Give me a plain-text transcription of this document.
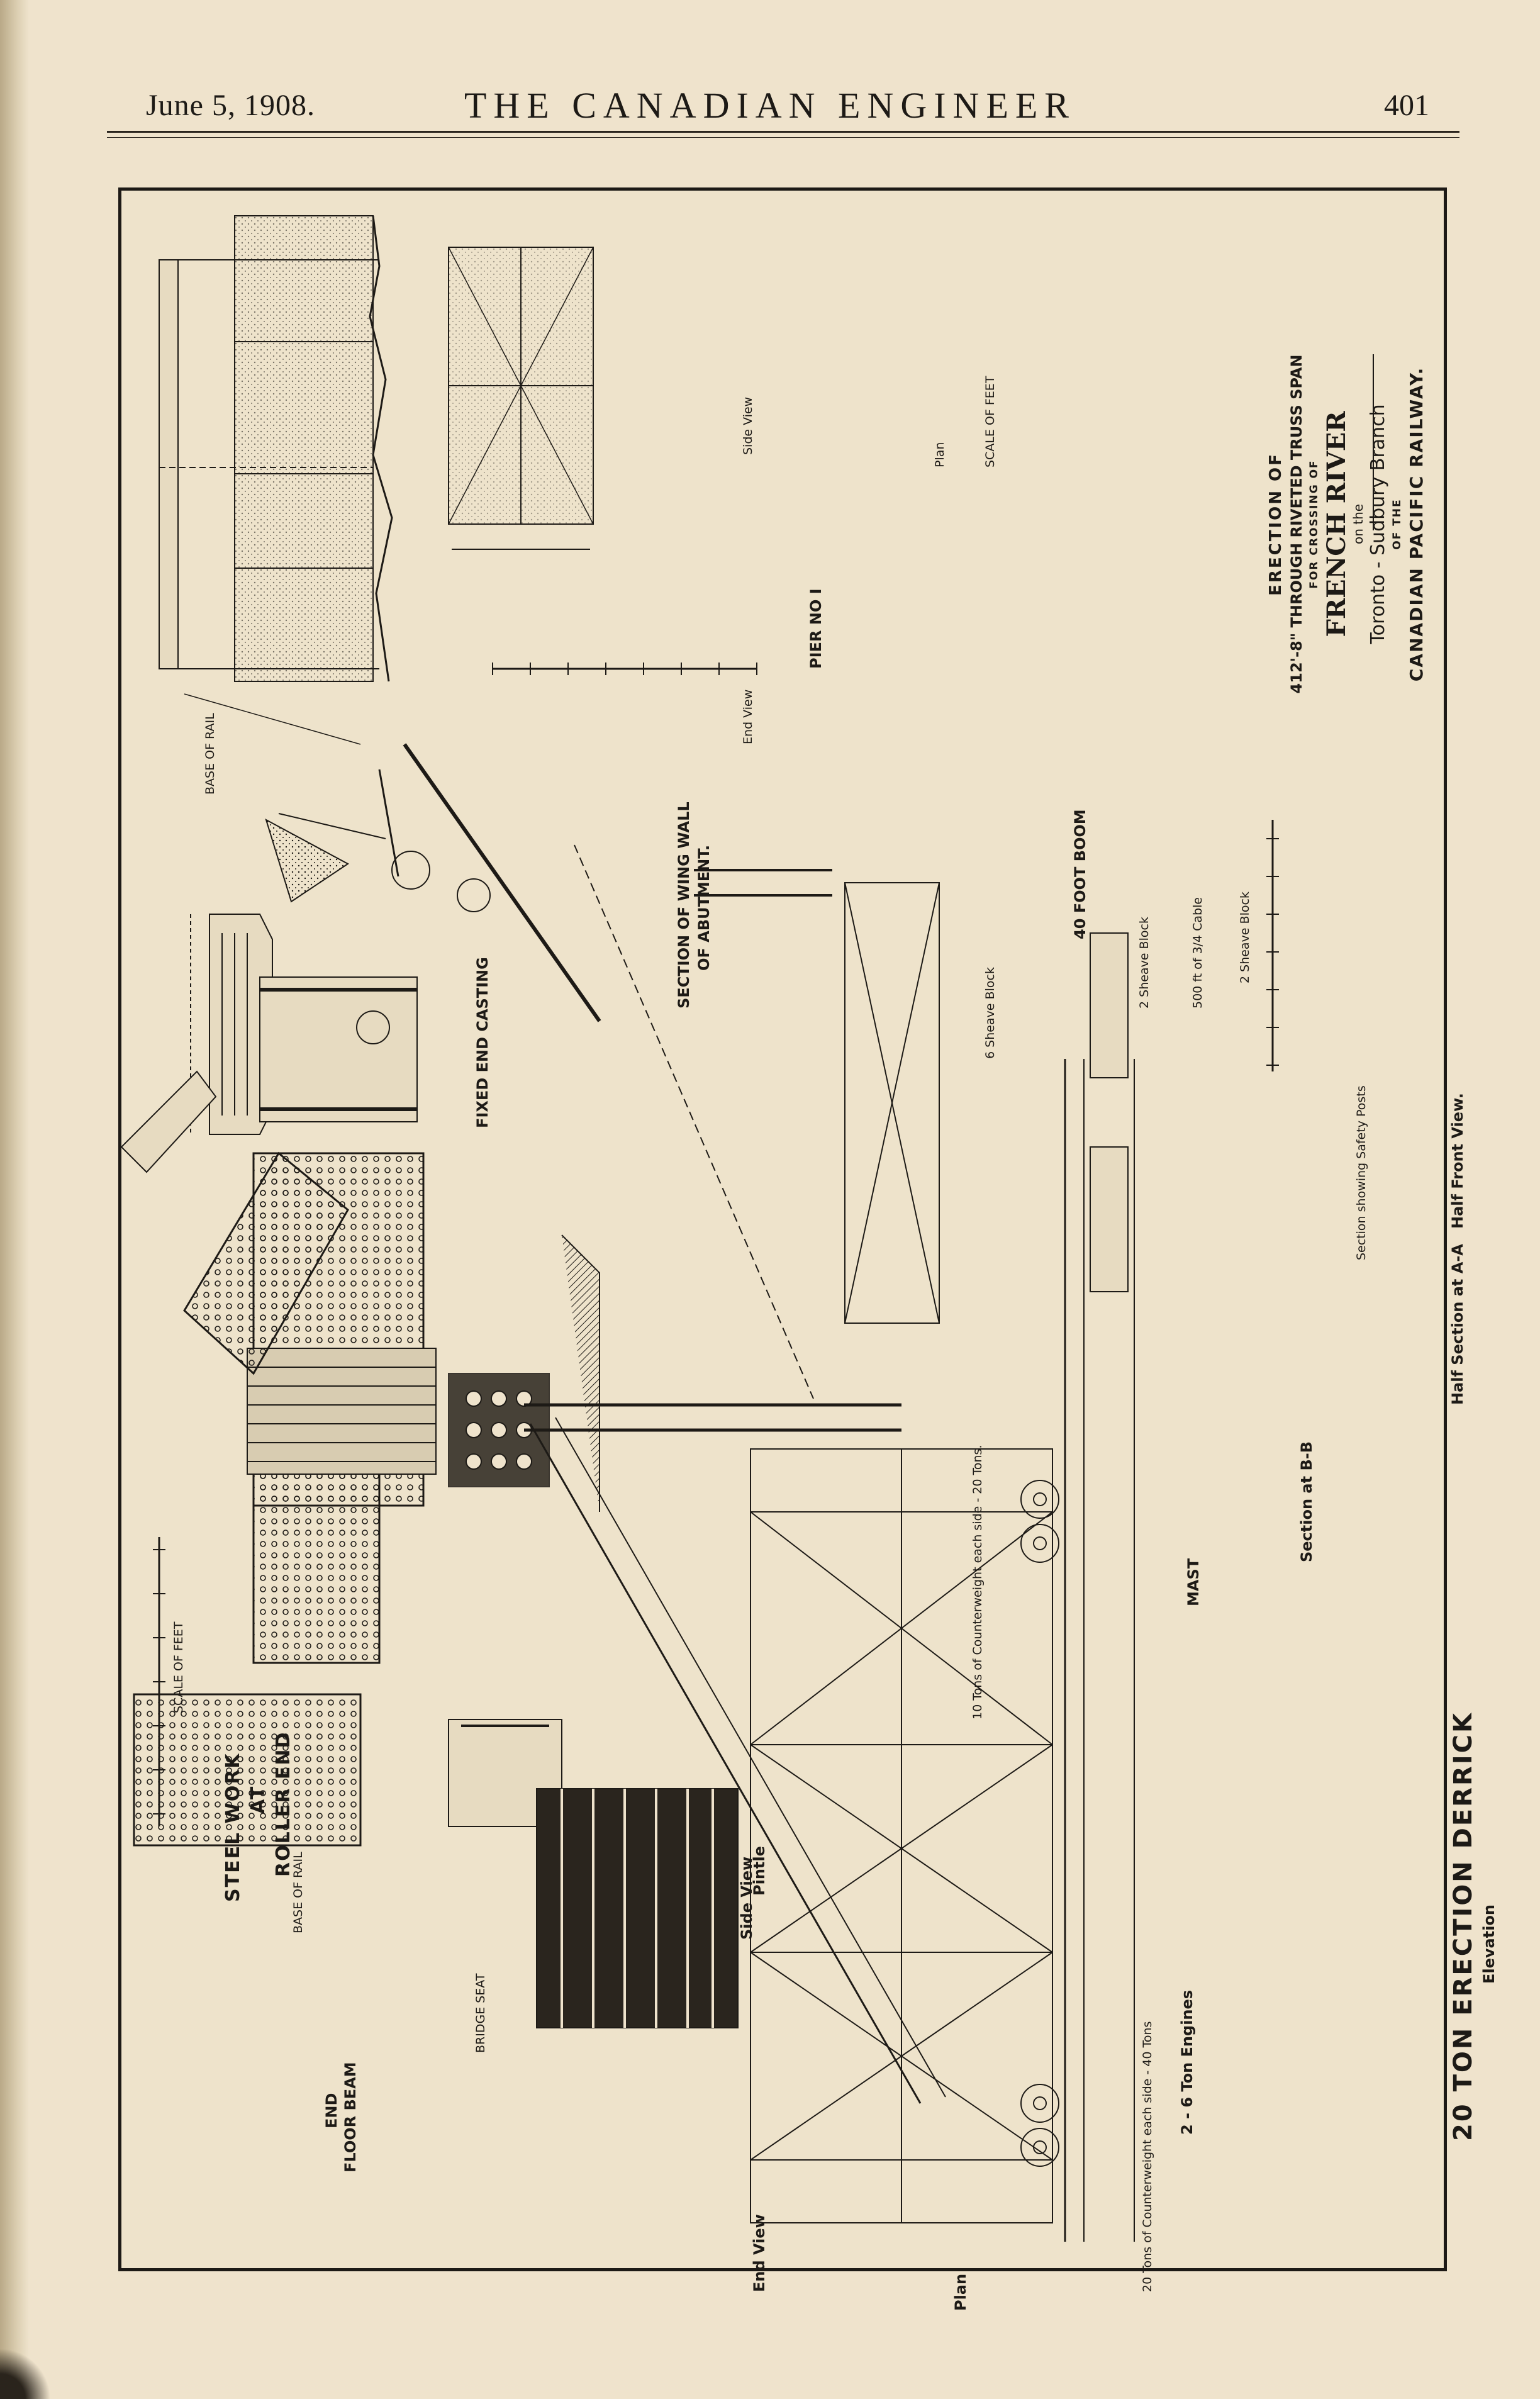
June 5, 1908.	THE CANADIAN ENGINEER	401
ERECTION OF 412'-8" THROUGH RIVETED TRUSS SPAN FOR CROSSING OF FRENCH RIVER on the Toronto - Sudbury Branch OF THE CANADIAN PACIFIC RAILWAY.
PIER NO I
End View
Side View	Plan	SCALE OF FEET
BASE OF RAIL
FIXED END CASTING
SECTION OF WING WALL OF ABUTMENT.
STEEL WORK AT ROLLER END
SCALE OF FEET
BASE OF RAIL
END FLOOR BEAM
BRIDGE SEAT
Side View
Pintle
End View
Plan
20 TON ERECTION DERRICK Elevation
Half Section at A-A
Half Front View.
Section at B-B
Section showing Safety Posts
MAST
40 FOOT BOOM
2 - 6 Ton Engines
10 Tons of Counterweight each side - 20 Tons.
20 Tons of Counterweight each side - 40 Tons
2 Sheave Block	2 Sheave Block
500 ft of 3/4 Cable
6 Sheave Block
